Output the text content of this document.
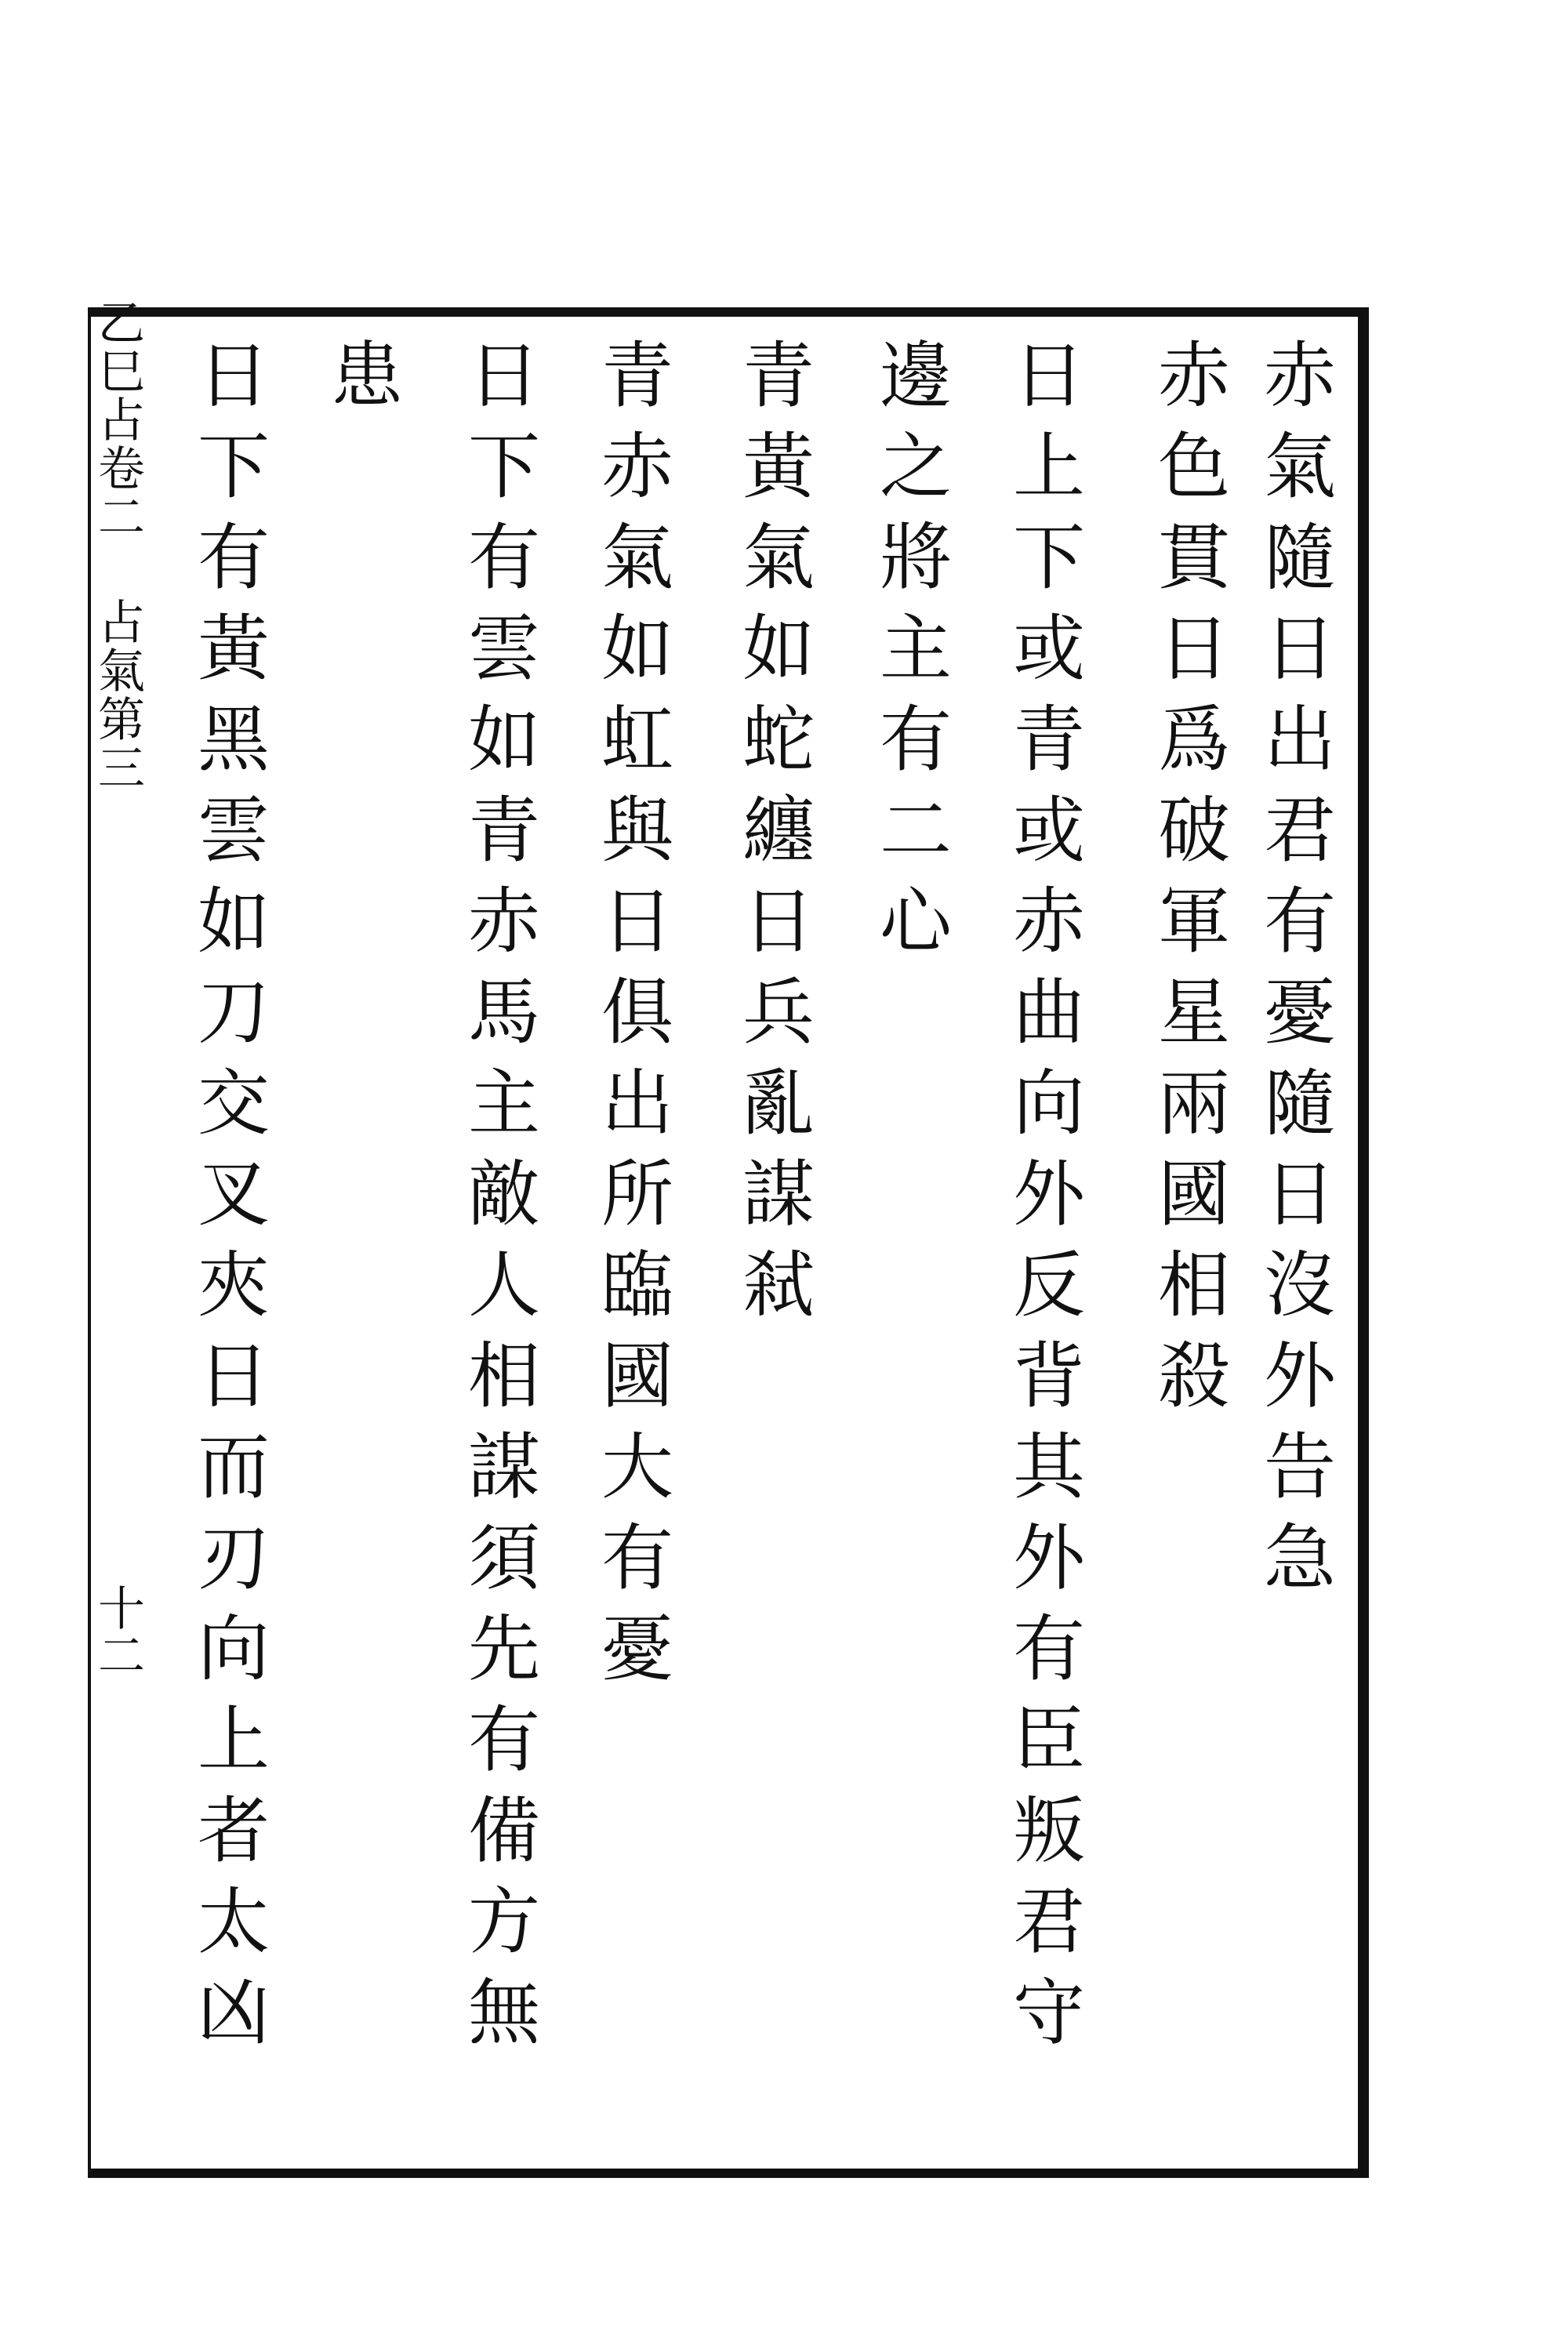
乙巳占卷二 占氣第三
十二
赤氣隨日出君有憂隨日沒外告急
赤色貫日爲破軍星兩國相殺
日上下或青或赤曲向外反背其外有臣叛君守
邊之將主有二心
青黃氣如蛇纏日兵亂謀弒
青赤氣如虹與日俱出所臨國大有憂
日下有雲如青赤馬主敵人相謀須先有備方無
患
日下有黃黑雲如刀交叉夾日而刃向上者太凶
